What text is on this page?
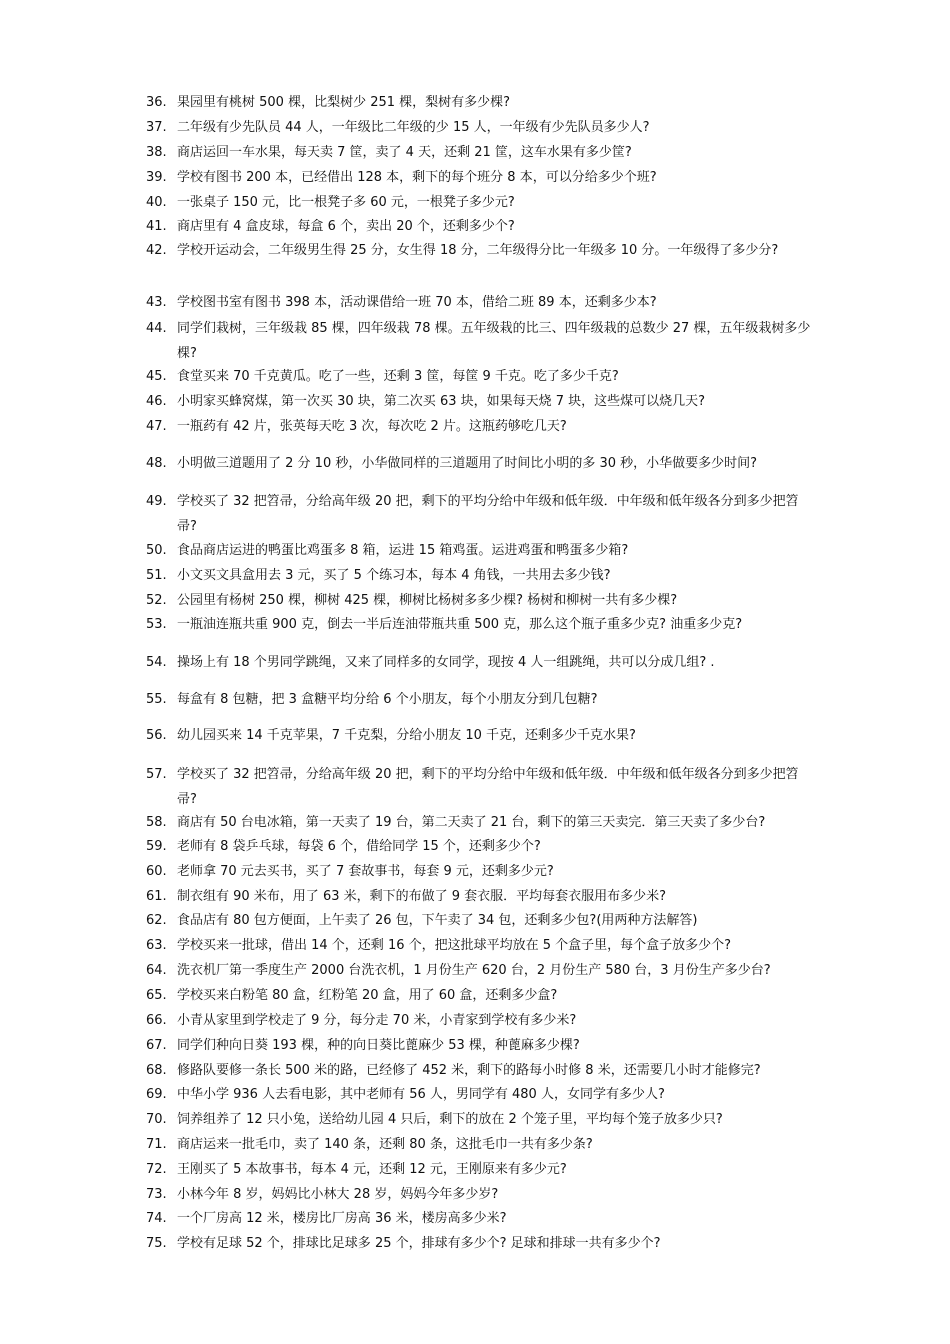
36. 果园里有桃树 500 棵，比梨树少 251 棵，梨树有多少棵?
37. 二年级有少先队员 44 人，一年级比二年级的少 15 人，一年级有少先队员多少人?
38. 商店运回一车水果，每天卖 7 筐，卖了 4 天，还剩 21 筐，这车水果有多少筐?
39. 学校有图书 200 本，已经借出 128 本，剩下的每个班分 8 本，可以分给多少个班?
40. 一张桌子 150 元，比一根凳子多 60 元，一根凳子多少元?
41. 商店里有 4 盒皮球，每盒 6 个，卖出 20 个，还剩多少个?
42. 学校开运动会，二年级男生得 25 分，女生得 18 分，二年级得分比一年级多 10 分。一年级得了多少分?
43. 学校图书室有图书 398 本，活动课借给一班 70 本，借给二班 89 本，还剩多少本?
44. 同学们栽树，三年级栽 85 棵，四年级栽 78 棵。五年级栽的比三、四年级栽的总数少 27 棵，五年级栽树多少棵?
45. 食堂买来 70 千克黄瓜。吃了一些，还剩 3 筐，每筐 9 千克。吃了多少千克?
46. 小明家买蜂窝煤，第一次买 30 块，第二次买 63 块，如果每天烧 7 块，这些煤可以烧几天?
47. 一瓶药有 42 片，张英每天吃 3 次，每次吃 2 片。这瓶药够吃几天?
48. 小明做三道题用了 2 分 10 秒，小华做同样的三道题用了时间比小明的多 30 秒，小华做要多少时间?
49. 学校买了 32 把笤帚，分给高年级 20 把，剩下的平均分给中年级和低年级．中年级和低年级各分到多少把笤帚?
50. 食品商店运进的鸭蛋比鸡蛋多 8 箱，运进 15 箱鸡蛋。运进鸡蛋和鸭蛋多少箱?
51. 小文买文具盒用去 3 元，买了 5 个练习本，每本 4 角钱，一共用去多少钱?
52. 公园里有杨树 250 棵，柳树 425 棵，柳树比杨树多多少棵? 杨树和柳树一共有多少棵?
53. 一瓶油连瓶共重 900 克，倒去一半后连油带瓶共重 500 克，那么这个瓶子重多少克? 油重多少克?
54. 操场上有 18 个男同学跳绳，又来了同样多的女同学，现按 4 人一组跳绳，共可以分成几组? .
55. 每盒有 8 包糖，把 3 盒糖平均分给 6 个小朋友，每个小朋友分到几包糖?
56. 幼儿园买来 14 千克苹果，7 千克梨，分给小朋友 10 千克，还剩多少千克水果?
57. 学校买了 32 把笤帚，分给高年级 20 把，剩下的平均分给中年级和低年级．中年级和低年级各分到多少把笤帚?
58. 商店有 50 台电冰箱，第一天卖了 19 台，第二天卖了 21 台，剩下的第三天卖完．第三天卖了多少台?
59. 老师有 8 袋乒乓球，每袋 6 个，借给同学 15 个，还剩多少个?
60. 老师拿 70 元去买书，买了 7 套故事书，每套 9 元，还剩多少元?
61. 制衣组有 90 米布，用了 63 米，剩下的布做了 9 套衣服．平均每套衣服用布多少米?
62. 食品店有 80 包方便面，上午卖了 26 包，下午卖了 34 包，还剩多少包?(用两种方法解答)
63. 学校买来一批球，借出 14 个，还剩 16 个，把这批球平均放在 5 个盒子里，每个盒子放多少个?
64. 洗衣机厂第一季度生产 2000 台洗衣机，1 月份生产 620 台，2 月份生产 580 台，3 月份生产多少台?
65. 学校买来白粉笔 80 盒，红粉笔 20 盒，用了 60 盒，还剩多少盒?
66. 小青从家里到学校走了 9 分，每分走 70 米，小青家到学校有多少米?
67. 同学们种向日葵 193 棵，种的向日葵比蓖麻少 53 棵，种蓖麻多少棵?
68. 修路队要修一条长 500 米的路，已经修了 452 米，剩下的路每小时修 8 米，还需要几小时才能修完?
69. 中华小学 936 人去看电影，其中老师有 56 人，男同学有 480 人，女同学有多少人?
70. 饲养组养了 12 只小兔，送给幼儿园 4 只后，剩下的放在 2 个笼子里，平均每个笼子放多少只?
71. 商店运来一批毛巾，卖了 140 条，还剩 80 条，这批毛巾一共有多少条?
72. 王刚买了 5 本故事书，每本 4 元，还剩 12 元，王刚原来有多少元?
73. 小林今年 8 岁，妈妈比小林大 28 岁，妈妈今年多少岁?
74. 一个厂房高 12 米，楼房比厂房高 36 米，楼房高多少米?
75. 学校有足球 52 个，排球比足球多 25 个，排球有多少个? 足球和排球一共有多少个?
